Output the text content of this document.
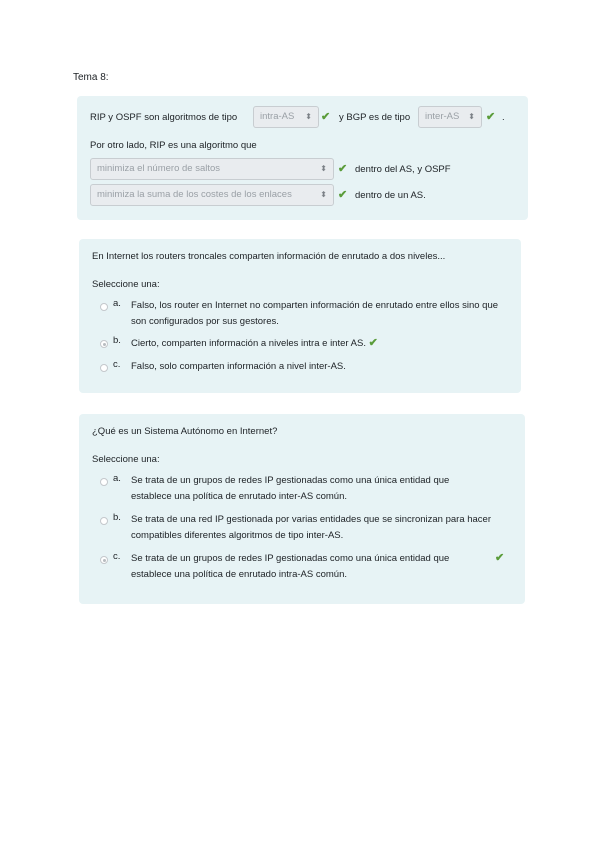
Tema 8:
RIP y OSPF son algoritmos de tipo	intra-AS ⬍ ✔ y BGP es de tipo	inter-AS ⬍ ✔ .
Por otro lado, RIP es una algoritmo que
minimiza el número de saltos	⬍ ✔ dentro del AS, y OSPF
minimiza la suma de los costes de los enlaces	⬍ ✔ dentro de un AS.
En Internet los routers troncales comparten información de enrutado a dos niveles...
Seleccione una:
a. Falso, los router en Internet no comparten información de enrutado entre ellos sino que son configurados por sus gestores.
b. Cierto, comparten información a niveles intra e inter AS. ✔
c. Falso, solo comparten información a nivel inter-AS.
¿Qué es un Sistema Autónomo en Internet?
Seleccione una:
a. Se trata de un grupos de redes IP gestionadas como una única entidad que establece una política de enrutado inter-AS común.
b. Se trata de una red IP gestionada por varias entidades que se sincronizan para hacer compatibles diferentes algoritmos de tipo inter-AS.
c. Se trata de un grupos de redes IP gestionadas como una única entidad que establece una política de enrutado intra-AS común.
✔
